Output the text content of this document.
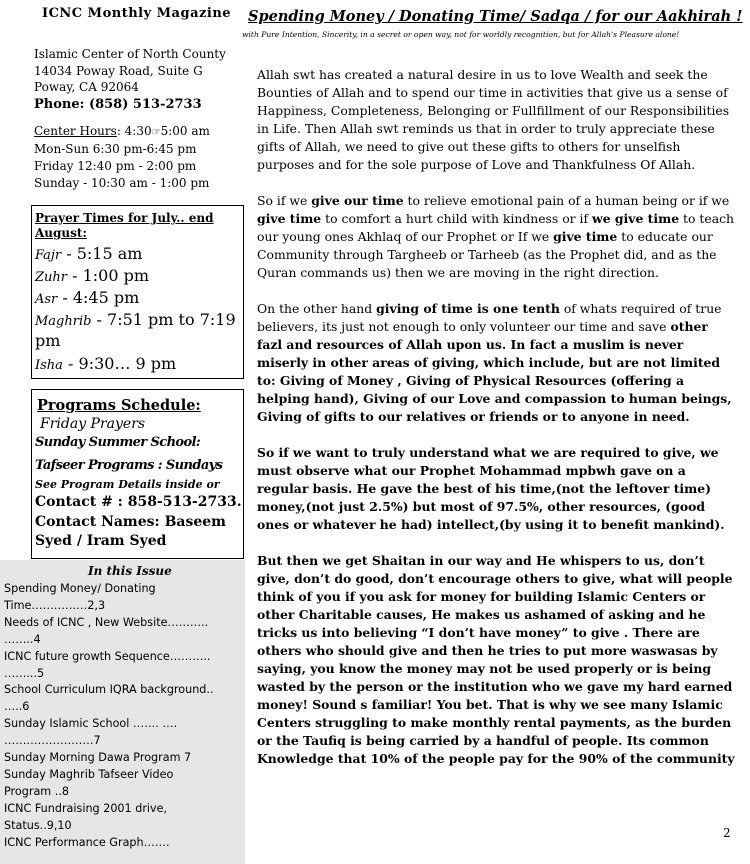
ICNC Monthly Magazine
Islamic Center of North County
14034 Poway Road, Suite G
Poway, CA 92064
Phone: (858) 513-2733
Center Hours: 4:30☞5:00 am
Mon-Sun 6:30 pm-6:45 pm
Friday 12:40 pm - 2:00 pm
Sunday - 10:30 am - 1:00 pm
Prayer Times for July.. end August:
Fajr - 5:15 am
Zuhr - 1:00 pm
Asr - 4:45 pm
Maghrib - 7:51 pm to 7:19
pm
Isha - 9:30… 9 pm
Programs Schedule:
Friday Prayers
Sunday Summer School:
Tafseer Programs : Sundays
See Program Details inside or
Contact # : 858-513-2733.
Contact Names: Baseem
Syed / Iram Syed
In this Issue
Spending Money/ Donating
Time……………2,3
Needs of ICNC , New Website………..
……..4
ICNC future growth Sequence………..
……...5
School Curriculum IQRA background..
…..6
Sunday Islamic School ……. ….
……………………7
Sunday Morning Dawa Program 7
Sunday Maghrib Tafseer Video
Program ..8
ICNC Fundraising 2001 drive,
Status..9,10
ICNC Performance Graph…….
Spending Money / Donating Time/ Sadqa / for our Aakhirah !
with Pure Intention, Sincerity, in a secret or open way, not for worldly recognition, but for Allah's Pleasure alone!

Allah swt has created a natural desire in us to love Wealth and seek the Bounties of Allah and to spend our time in activities that give us a sense of Happiness, Completeness, Belonging or Fullfillment of our Responsibilities in Life. Then Allah swt reminds us that in order to truly appreciate these gifts of Allah, we need to give out these gifts to others for unselfish purposes and for the sole purpose of Love and Thankfulness Of Allah.

So if we give our time to relieve emotional pain of a human being or if we give time to comfort a hurt child with kindness or if we give time to teach our young ones Akhlaq of our Prophet or If we give time to educate our Community through Targheeb or Tarheeb (as the Prophet did, and as the Quran commands us) then we are moving in the right direction.

On the other hand giving of time is one tenth of whats required of true believers, its just not enough to only volunteer our time and save other fazl and resources of Allah upon us. In fact a muslim is never miserly in other areas of giving, which include, but are not limited to: Giving of Money , Giving of Physical Resources (offering a helping hand), Giving of our Love and compassion to human beings, Giving of gifts to our relatives or friends or to anyone in need.

So if we want to truly understand what we are required to give, we must observe what our Prophet Mohammad mpbwh gave on a regular basis. He gave the best of his time,(not the leftover time) money,(not just 2.5%) but most of 97.5%, other resources, (good ones or whatever he had) intellect,(by using it to benefit mankind).

But then we get Shaitan in our way and He whispers to us, don’t give, don’t do good, don’t encourage others to give, what will people think of you if you ask for money for building Islamic Centers or other Charitable causes, He makes us ashamed of asking and he tricks us into believing “I don’t have money” to give . There are others who should give and then he tries to put more waswasas by saying, you know the money may not be used properly or is being wasted by the person or the institution who we gave my hard earned money! Sound s familiar! You bet. That is why we see many Islamic Centers struggling to make monthly rental payments, as the burden or the Taufiq is being carried by a handful of people. Its common Knowledge that 10% of the people pay for the 90% of the community

2
